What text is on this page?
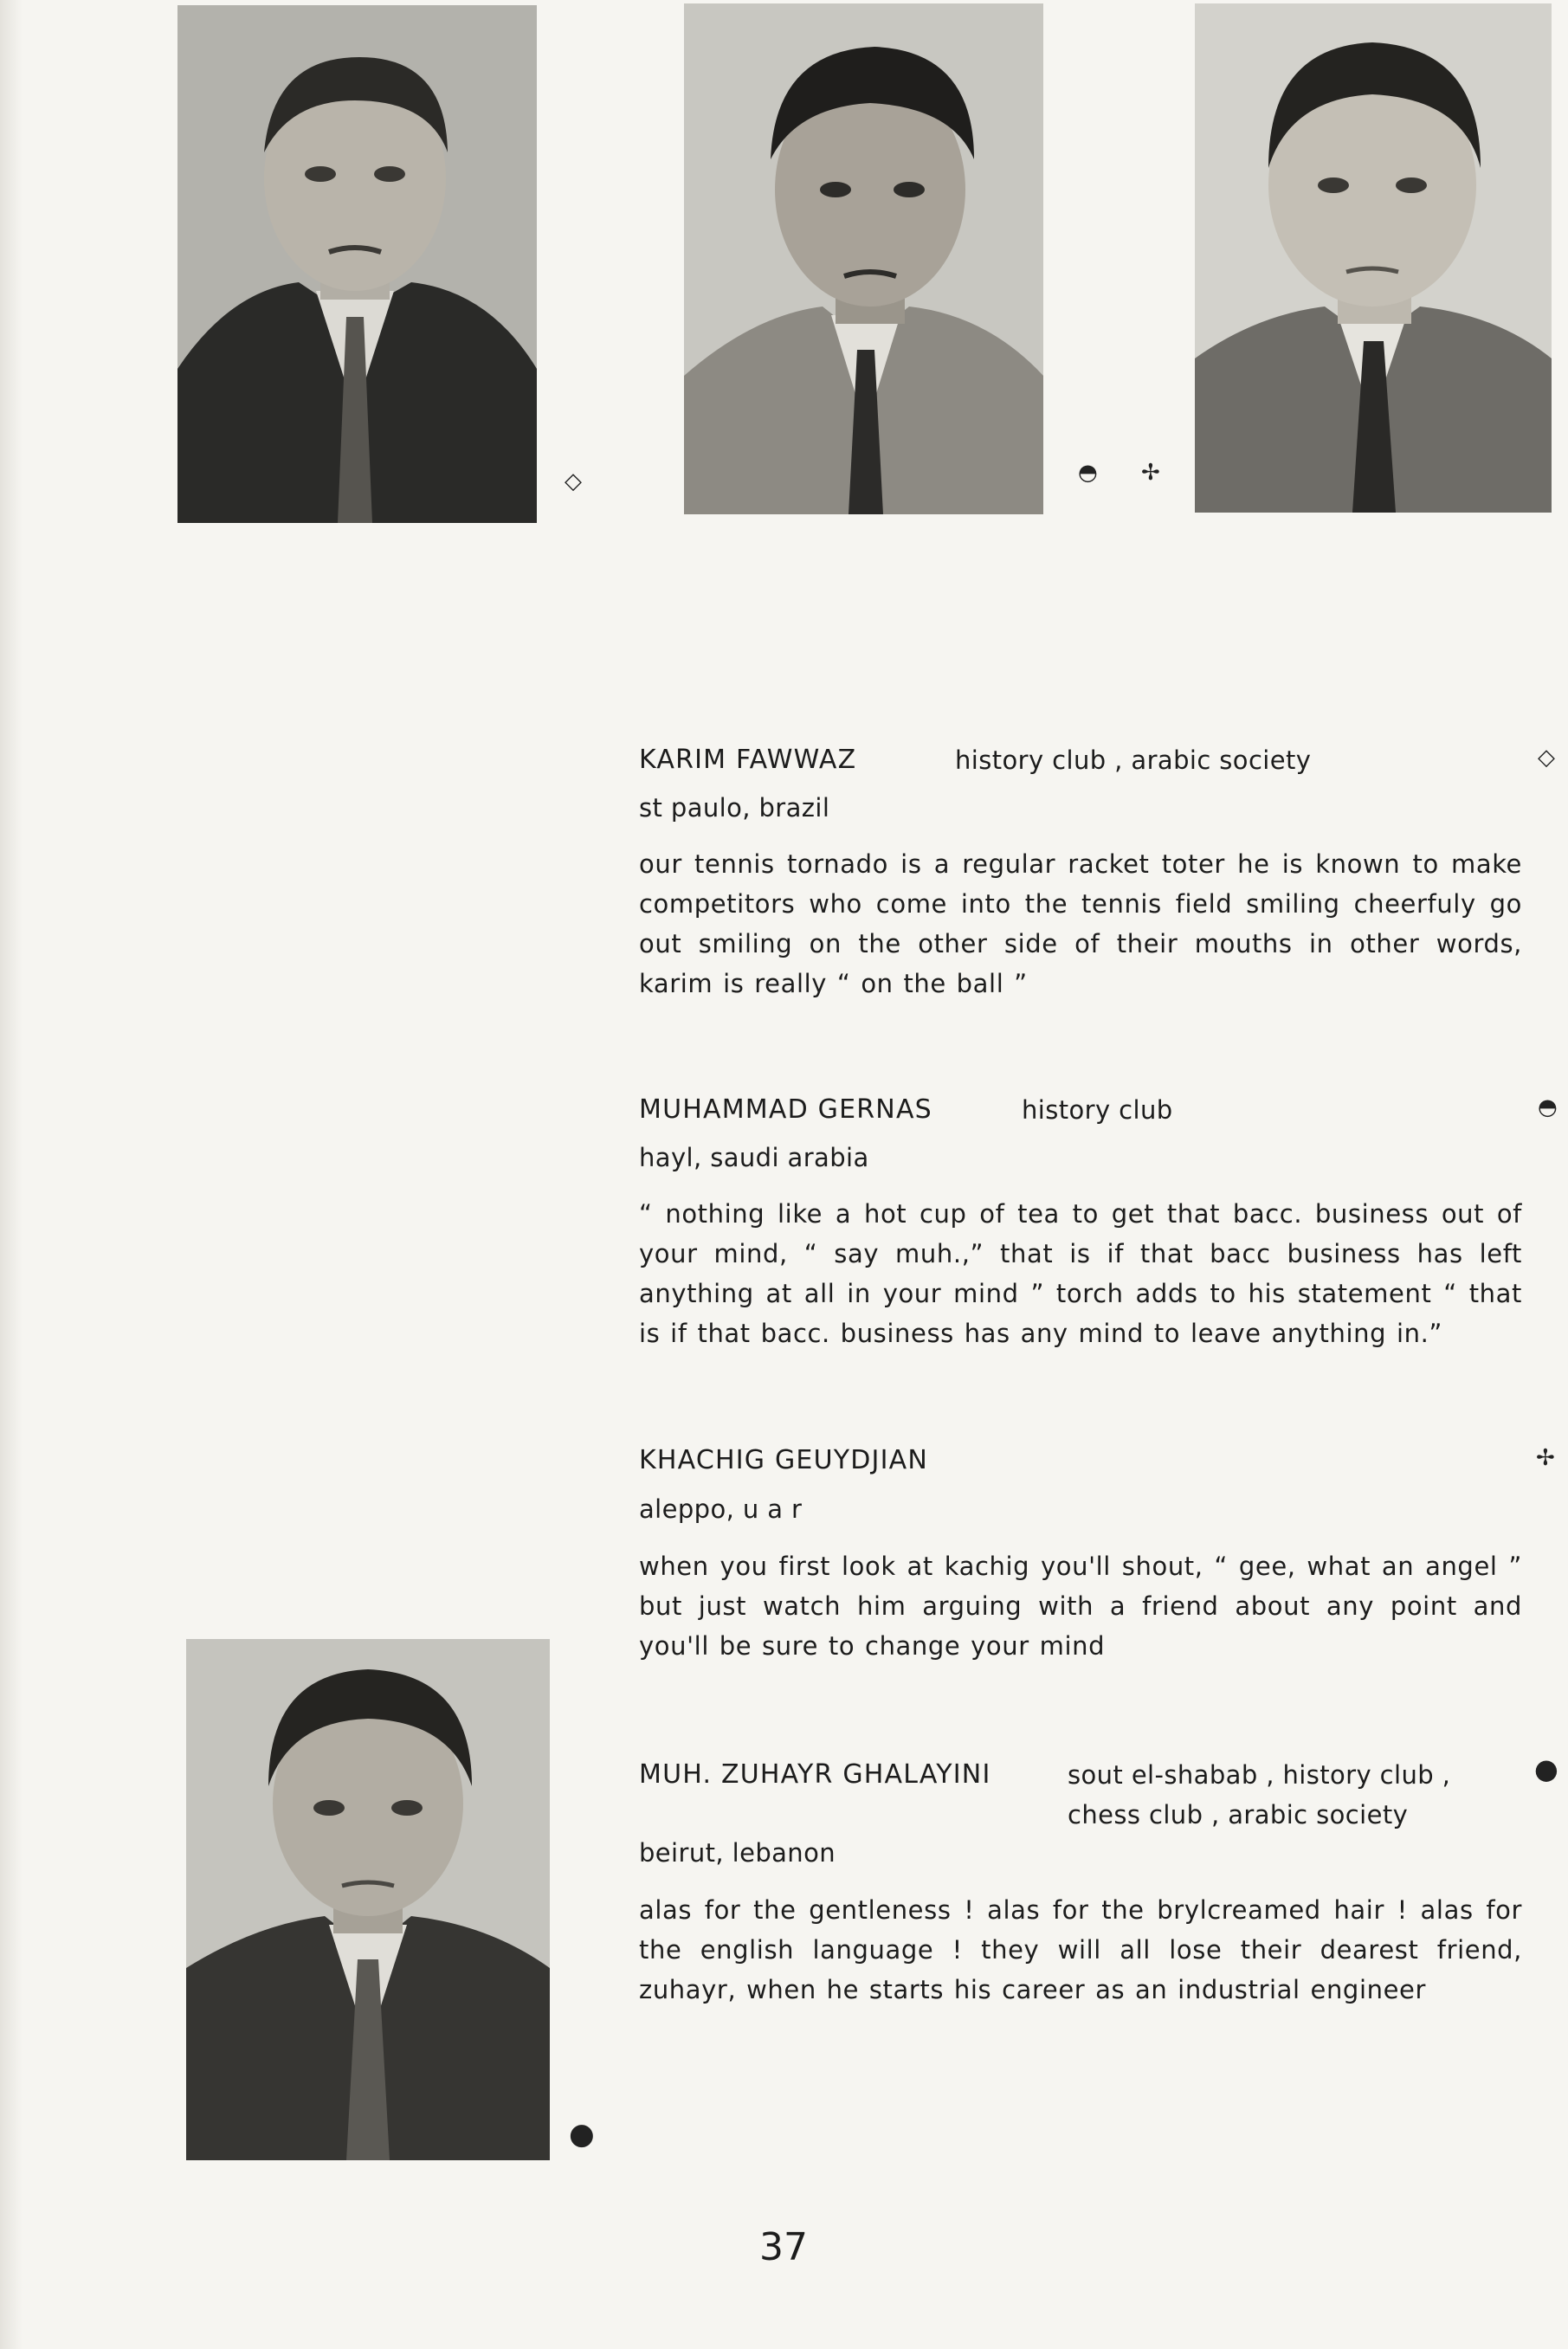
◇	◓ ✢
●
KARIM FAWWAZ	history club , arabic society	◇
st paulo, brazil
our tennis tornado is a regular racket toter he is known to make competitors who come into the tennis field smiling cheerfuly go out smiling on the other side of their mouths in other words, karim is really “ on the ball ”
MUHAMMAD GERNAS	history club	◓
hayl, saudi arabia
“ nothing like a hot cup of tea to get that bacc. business out of your mind, “ say muh.,” that is if that bacc business has left anything at all in your mind ” torch adds to his statement “ that is if that bacc. business has any mind to leave anything in.”
KHACHIG GEUYDJIAN	✢
aleppo, u a r
when you first look at kachig you'll shout, “ gee, what an angel ” but just watch him arguing with a friend about any point and you'll be sure to change your mind
MUH. ZUHAYR GHALAYINI	sout el-shabab , history club ,
chess club , arabic society
●
beirut, lebanon
alas for the gentleness ! alas for the brylcreamed hair ! alas for the english language ! they will all lose their dearest friend, zuhayr, when he starts his career as an industrial engineer
37
